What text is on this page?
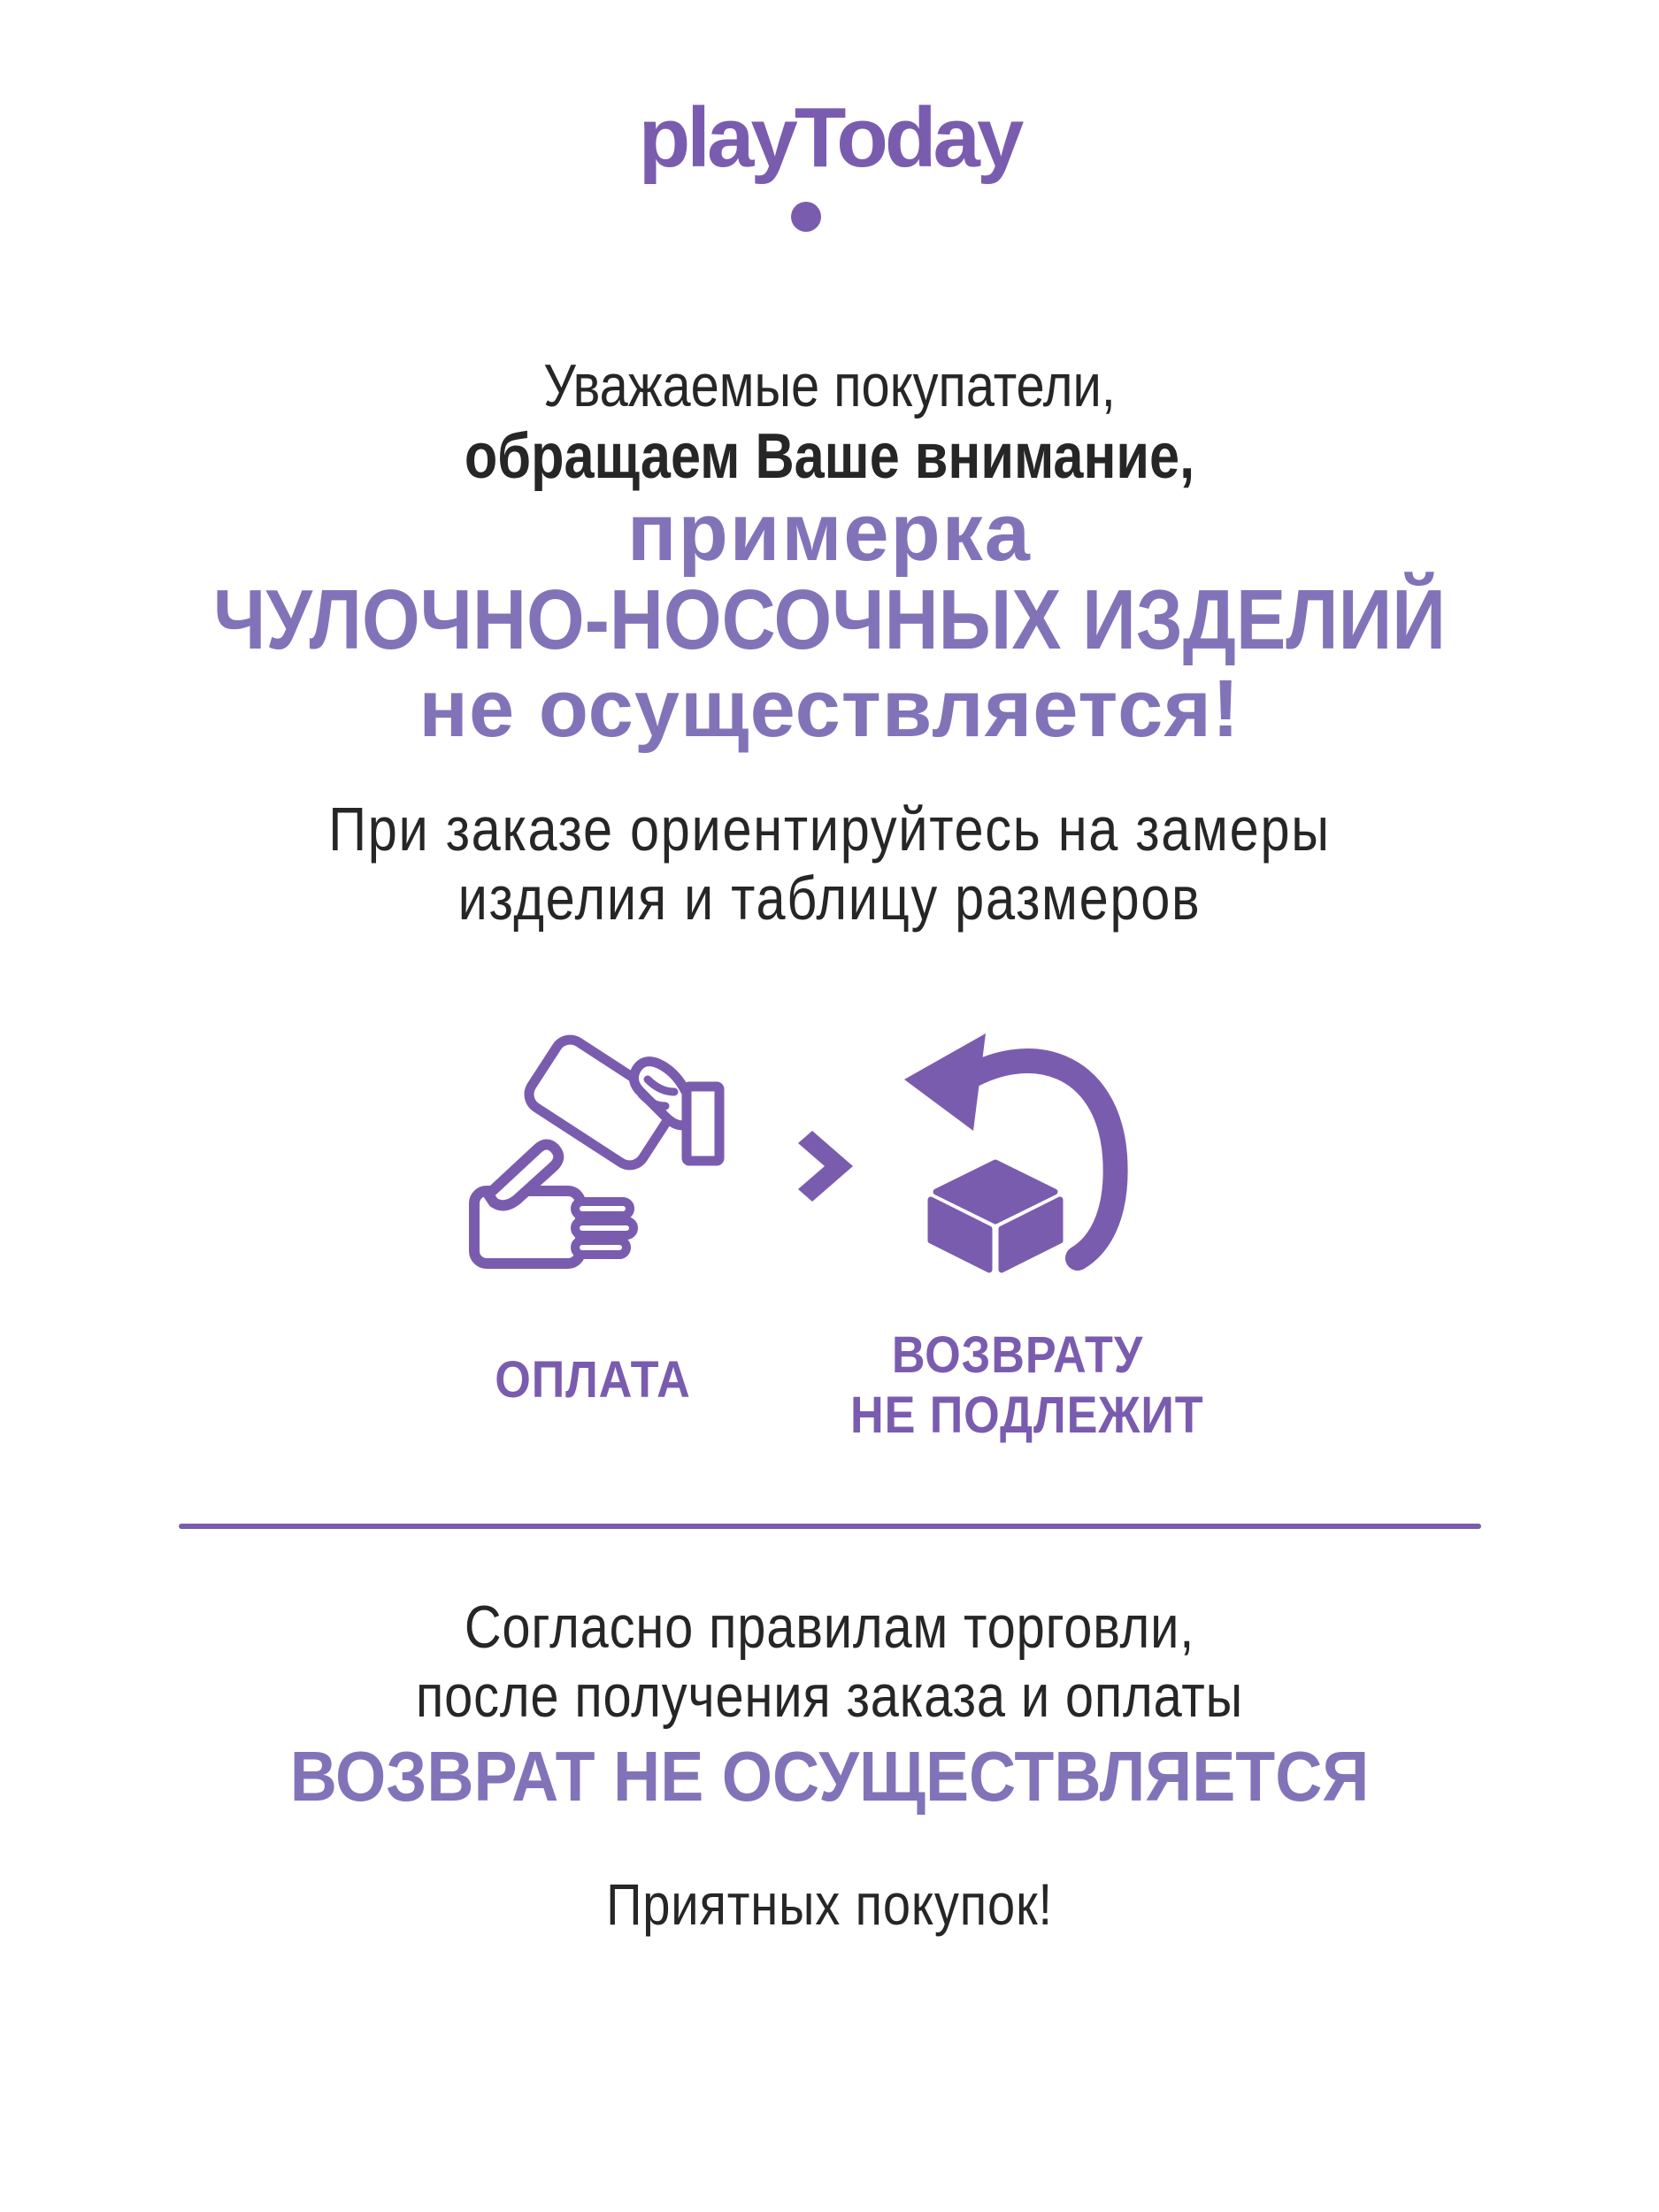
playToday
Уважаемые покупатели,
обращаем Ваше внимание,
примерка
ЧУЛОЧНО-НОСОЧНЫХ ИЗДЕЛИЙ
не осуществляется!
При заказе ориентируйтесь на замеры
изделия и таблицу размеров
ОПЛАТА	ВОЗВРАТУ
НЕ ПОДЛЕЖИТ
Согласно правилам торговли,
после получения заказа и оплаты
ВОЗВРАТ НЕ ОСУЩЕСТВЛЯЕТСЯ
Приятных покупок!
